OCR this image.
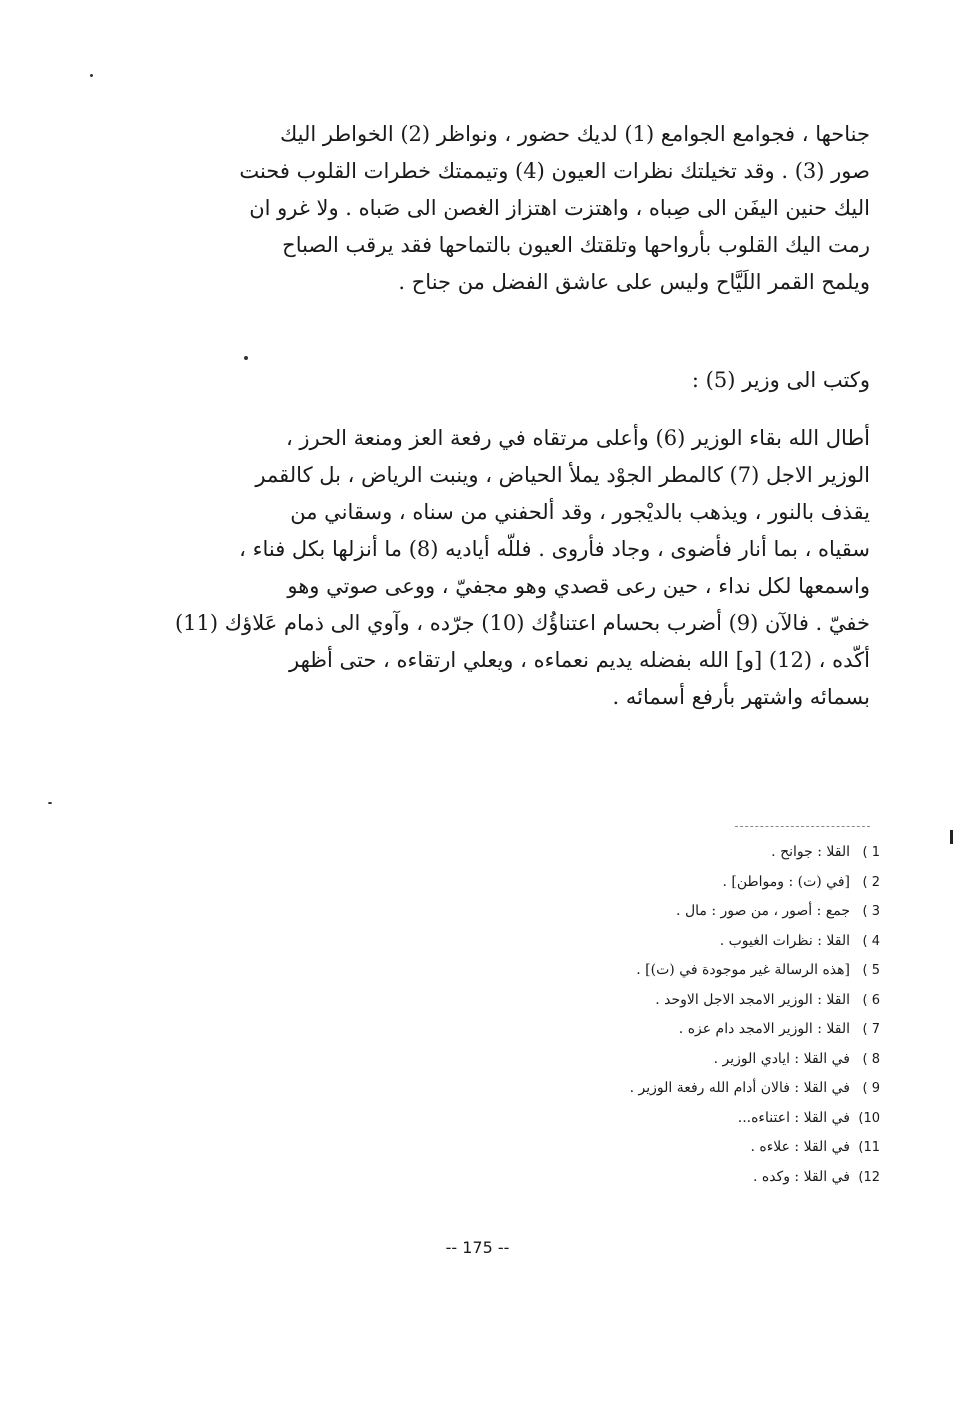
جناحها ، فجوامع الجوامع (1) لديك حضور ، ونواظر (2) الخواطر اليك
صور (3) . وقد تخيلتك نظرات العيون (4) وتيممتك خطرات القلوب فحنت
اليك حنين اليفَن الى صِباه ، واهتزت اهتزاز الغصن الى صَباه . ولا غرو ان
رمت اليك القلوب بأرواحها وتلقتك العيون بالتماحها فقد يرقب الصباح
ويلمح القمر اللَيَّاح وليس على عاشق الفضل من جناح .
وكتب الى وزير (5) :
أطال الله بقاء الوزير (6) وأعلى مرتقاه في رفعة العز ومنعة الحرز ،
الوزير الاجل (7) كالمطر الجوْد يملأ الحياض ، وينبت الرياض ، بل كالقمر
يقذف بالنور ، ويذهب بالديْجور ، وقد ألحفني من سناه ، وسقاني من
سقياه ، بما أنار فأضوى ، وجاد فأروى . فللّه أياديه (8) ما أنزلها بكل فناء ،
واسمعها لكل نداء ، حين رعى قصدي وهو مجفيّ ، ووعى صوتي وهو
خفيّ . فالآن (9) أضرب بحسام اعتناؤُك (10) جرّده ، وآوي الى ذمام عَلاؤك (11)
أكّده ، (12) [و] الله بفضله يديم نعماءه ، ويعلي ارتقاءه ، حتى أظهر
بسمائه واشتهر بأرفع أسمائه .
1 )القلا : جوانح .
2 )[في (ت) : ومواطن] .
3 )جمع : أصور ، من صور : مال .
4 )القلا : نظرات الغيوب .
5 )[هذه الرسالة غير موجودة في (ت)] .
6 )القلا : الوزير الامجد الاجل الاوحد .
7 )القلا : الوزير الامجد دام عزه .
8 )في القلا : ايادي الوزير .
9 )في القلا : فالان أدام الله رفعة الوزير .
10)في القلا : اعتناءه...
11)في القلا : علاءه .
12)في القلا : وكده .
-- 175 --
